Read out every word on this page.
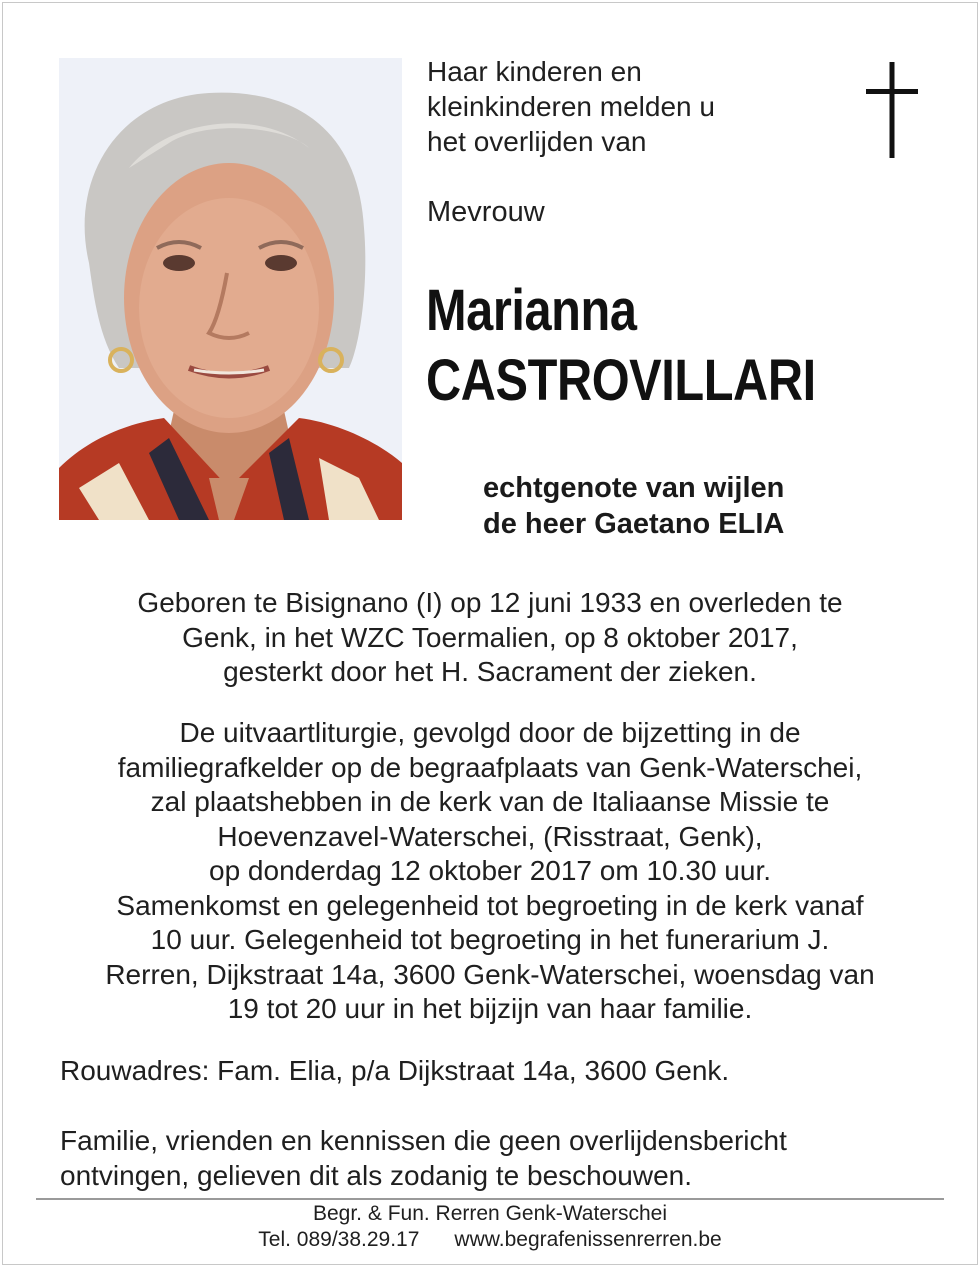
Haar kinderen en
kleinkinderen melden u
het overlijden van
Mevrouw
Marianna
CASTROVILLARI
echtgenote van wijlen
de heer Gaetano ELIA
Geboren te Bisignano (I) op 12 juni 1933 en overleden te
Genk, in het WZC Toermalien, op 8 oktober 2017,
gesterkt door het H. Sacrament der zieken.
De uitvaartliturgie, gevolgd door de bijzetting in de
familiegrafkelder op de begraafplaats van Genk-Waterschei,
zal plaatshebben in de kerk van de Italiaanse Missie te
Hoevenzavel-Waterschei, (Risstraat, Genk),
op donderdag 12 oktober 2017 om 10.30 uur.
Samenkomst en gelegenheid tot begroeting in de kerk vanaf
10 uur. Gelegenheid tot begroeting in het funerarium J.
Rerren, Dijkstraat 14a, 3600 Genk-Waterschei, woensdag van
19 tot 20 uur in het bijzijn van haar familie.
Rouwadres: Fam. Elia, p/a Dijkstraat 14a, 3600 Genk.
Familie, vrienden en kennissen die geen overlijdensbericht
ontvingen, gelieven dit als zodanig te beschouwen.
Begr. & Fun. Rerren Genk-Waterschei
Tel. 089/38.29.17 www.begrafenissenrerren.be
